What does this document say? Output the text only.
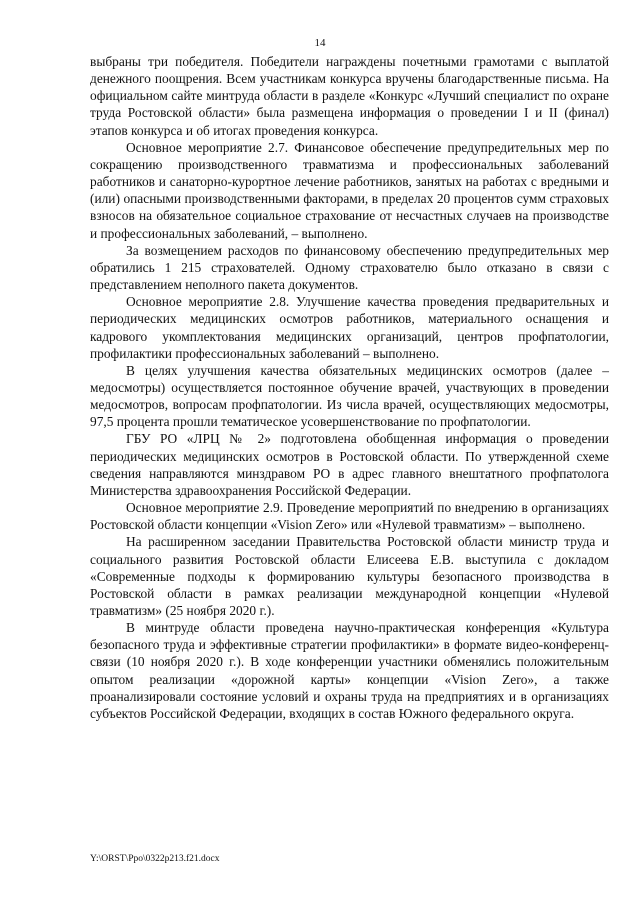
14

выбраны три победителя. Победители награждены почетными грамотами с выплатой денежного поощрения. Всем участникам конкурса вручены благодарственные письма. На официальном сайте минтруда области в разделе «Конкурс «Лучший специалист по охране труда Ростовской области» была размещена информация о проведении I и II (финал) этапов конкурса и об итогах проведения конкурса.

Основное мероприятие 2.7. Финансовое обеспечение предупредительных мер по сокращению производственного травматизма и профессиональных заболеваний работников и санаторно-курортное лечение работников, занятых на работах с вредными и (или) опасными производственными факторами, в пределах 20 процентов сумм страховых взносов на обязательное социальное страхование от несчастных случаев на производстве и профессиональных заболеваний, – выполнено.

За возмещением расходов по финансовому обеспечению предупредительных мер обратились 1 215 страхователей. Одному страхователю было отказано в связи с представлением неполного пакета документов.

Основное мероприятие 2.8. Улучшение качества проведения предварительных и периодических медицинских осмотров работников, материального оснащения и кадрового укомплектования медицинских организаций, центров профпатологии, профилактики профессиональных заболеваний – выполнено.

В целях улучшения качества обязательных медицинских осмотров (далее – медосмотры) осуществляется постоянное обучение врачей, участвующих в проведении медосмотров, вопросам профпатологии. Из числа врачей, осуществляющих медосмотры, 97,5 процента прошли тематическое усовершенствование по профпатологии.

ГБУ РО «ЛРЦ № 2» подготовлена обобщенная информация о проведении периодических медицинских осмотров в Ростовской области. По утвержденной схеме сведения направляются минздравом РО в адрес главного внештатного профпатолога Министерства здравоохранения Российской Федерации.

Основное мероприятие 2.9. Проведение мероприятий по внедрению в организациях Ростовской области концепции «Vision Zero» или «Нулевой травматизм» – выполнено.

На расширенном заседании Правительства Ростовской области министр труда и социального развития Ростовской области Елисеева Е.В. выступила с докладом «Современные подходы к формированию культуры безопасного производства в Ростовской области в рамках реализации международной концепции «Нулевой травматизм» (25 ноября 2020 г.).

В минтруде области проведена научно-практическая конференция «Культура безопасного труда и эффективные стратегии профилактики» в формате видео-конференц-связи (10 ноября 2020 г.). В ходе конференции участники обменялись положительным опытом реализации «дорожной карты» концепции «Vision Zero», а также проанализировали состояние условий и охраны труда на предприятиях и в организациях субъектов Российской Федерации, входящих в состав Южного федерального округа.

Y:\ORST\Ppo\0322p213.f21.docx
